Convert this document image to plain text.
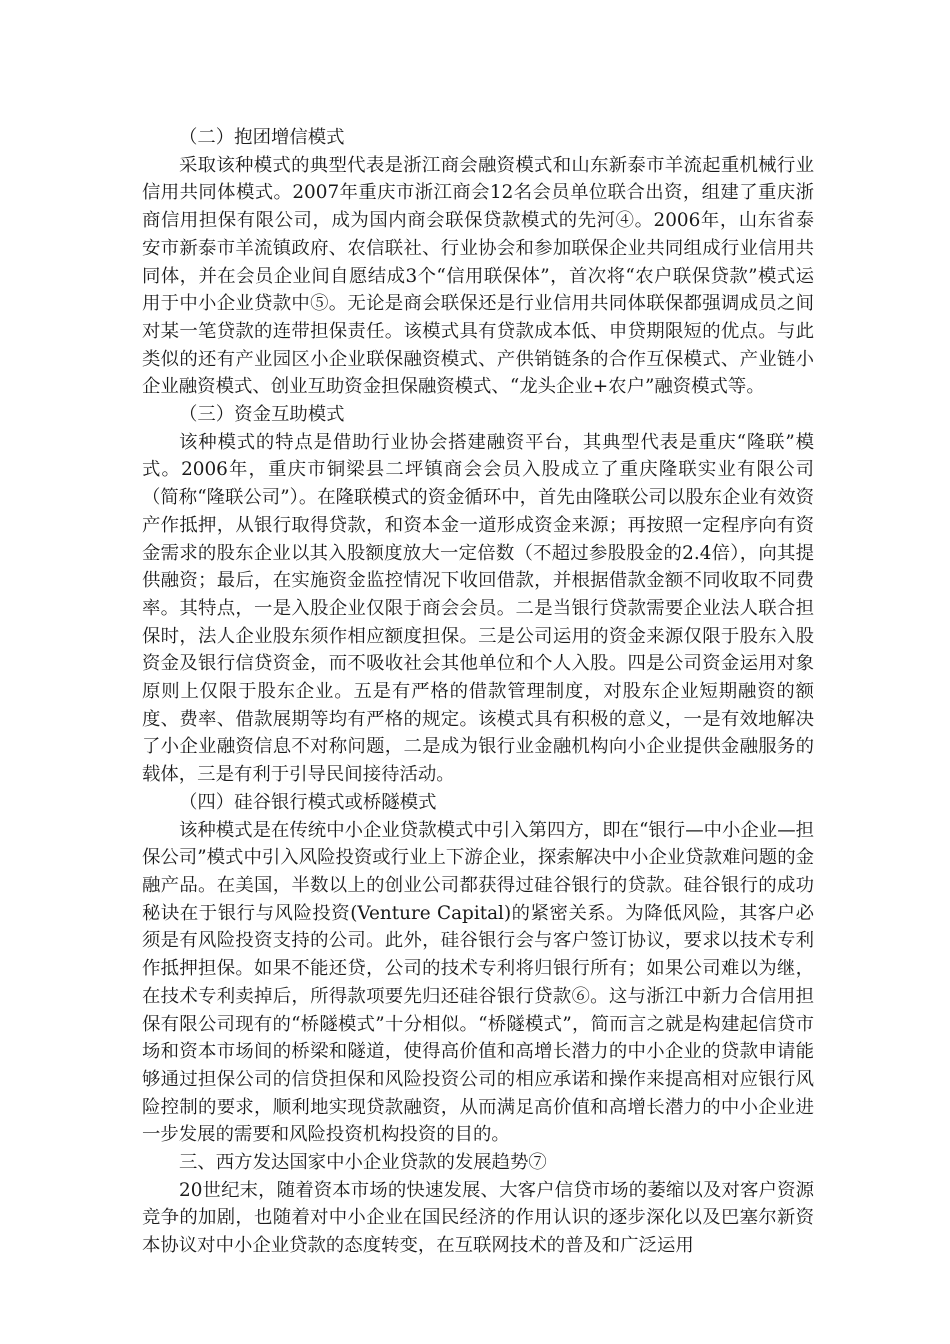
（二）抱团增信模式

采取该种模式的典型代表是浙江商会融资模式和山东新泰市羊流起重机械行业信用共同体模式。2007年重庆市浙江商会12名会员单位联合出资，组建了重庆浙商信用担保有限公司，成为国内商会联保贷款模式的先河④。2006年，山东省泰安市新泰市羊流镇政府、农信联社、行业协会和参加联保企业共同组成行业信用共同体，并在会员企业间自愿结成3个“信用联保体”，首次将“农户联保贷款”模式运用于中小企业贷款中⑤。无论是商会联保还是行业信用共同体联保都强调成员之间对某一笔贷款的连带担保责任。该模式具有贷款成本低、申贷期限短的优点。与此类似的还有产业园区小企业联保融资模式、产供销链条的合作互保模式、产业链小企业融资模式、创业互助资金担保融资模式、“龙头企业+农户”融资模式等。

（三）资金互助模式

该种模式的特点是借助行业协会搭建融资平台，其典型代表是重庆“隆联”模式。2006年，重庆市铜梁县二坪镇商会会员入股成立了重庆隆联实业有限公司（简称“隆联公司”）。在隆联模式的资金循环中，首先由隆联公司以股东企业有效资产作抵押，从银行取得贷款，和资本金一道形成资金来源；再按照一定程序向有资金需求的股东企业以其入股额度放大一定倍数（不超过参股股金的2.4倍），向其提供融资；最后，在实施资金监控情况下收回借款，并根据借款金额不同收取不同费率。其特点，一是入股企业仅限于商会会员。二是当银行贷款需要企业法人联合担保时，法人企业股东须作相应额度担保。三是公司运用的资金来源仅限于股东入股资金及银行信贷资金，而不吸收社会其他单位和个人入股。四是公司资金运用对象原则上仅限于股东企业。五是有严格的借款管理制度，对股东企业短期融资的额度、费率、借款展期等均有严格的规定。该模式具有积极的意义，一是有效地解决了小企业融资信息不对称问题，二是成为银行业金融机构向小企业提供金融服务的载体，三是有利于引导民间接待活动。

（四）硅谷银行模式或桥隧模式

该种模式是在传统中小企业贷款模式中引入第四方，即在“银行—中小企业—担保公司”模式中引入风险投资或行业上下游企业，探索解决中小企业贷款难问题的金融产品。在美国，半数以上的创业公司都获得过硅谷银行的贷款。硅谷银行的成功秘诀在于银行与风险投资(Venture Capital)的紧密关系。为降低风险，其客户必须是有风险投资支持的公司。此外，硅谷银行会与客户签订协议，要求以技术专利作抵押担保。如果不能还贷，公司的技术专利将归银行所有；如果公司难以为继，在技术专利卖掉后，所得款项要先归还硅谷银行贷款⑥。这与浙江中新力合信用担保有限公司现有的“桥隧模式”十分相似。“桥隧模式”，简而言之就是构建起信贷市场和资本市场间的桥梁和隧道，使得高价值和高增长潜力的中小企业的贷款申请能够通过担保公司的信贷担保和风险投资公司的相应承诺和操作来提高相对应银行风险控制的要求，顺利地实现贷款融资，从而满足高价值和高增长潜力的中小企业进一步发展的需要和风险投资机构投资的目的。

三、西方发达国家中小企业贷款的发展趋势⑦

20世纪末，随着资本市场的快速发展、大客户信贷市场的萎缩以及对客户资源竞争的加剧，也随着对中小企业在国民经济的作用认识的逐步深化以及巴塞尔新资本协议对中小企业贷款的态度转变，在互联网技术的普及和广泛运用
